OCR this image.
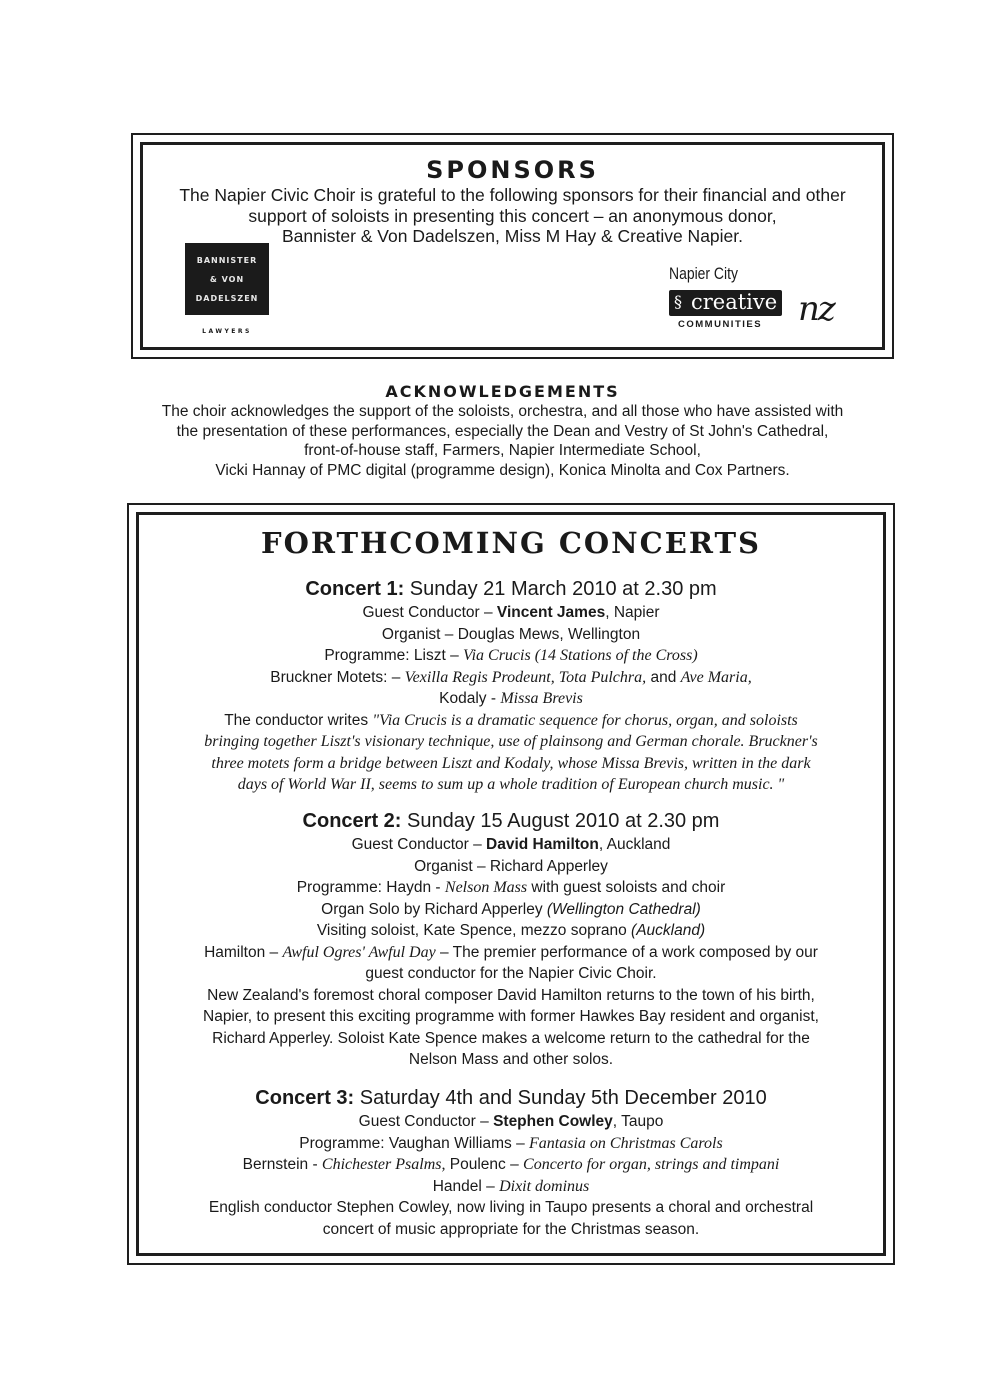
SPONSORS
The Napier Civic Choir is grateful to the following sponsors for their financial and other
support of soloists in presenting this concert – an anonymous donor,
Bannister & Von Dadelszen, Miss M Hay & Creative Napier.
BANNISTER
& VON
DADELSZEN
LAWYERS
Napier City
creative
§	nz
COMMUNITIES
ACKNOWLEDGEMENTS
The choir acknowledges the support of the soloists, orchestra, and all those who have assisted with
the presentation of these performances, especially the Dean and Vestry of St John's Cathedral,
front-of-house staff, Farmers, Napier Intermediate School,
Vicki Hannay of PMC digital (programme design), Konica Minolta and Cox Partners.
FORTHCOMING CONCERTS
Concert 1: Sunday 21 March 2010 at 2.30 pm
Guest Conductor – Vincent James, Napier
Organist – Douglas Mews, Wellington
Programme: Liszt – Via Crucis (14 Stations of the Cross)
Bruckner Motets: – Vexilla Regis Prodeunt, Tota Pulchra, and Ave Maria,
Kodaly - Missa Brevis
The conductor writes "Via Crucis is a dramatic sequence for chorus, organ, and soloists
bringing together Liszt's visionary technique, use of plainsong and German chorale. Bruckner's
three motets form a bridge between Liszt and Kodaly, whose Missa Brevis, written in the dark
days of World War II, seems to sum up a whole tradition of European church music. "
Concert 2: Sunday 15 August 2010 at 2.30 pm
Guest Conductor – David Hamilton, Auckland
Organist – Richard Apperley
Programme: Haydn - Nelson Mass with guest soloists and choir
Organ Solo by Richard Apperley (Wellington Cathedral)
Visiting soloist, Kate Spence, mezzo soprano (Auckland)
Hamilton – Awful Ogres' Awful Day – The premier performance of a work composed by our
guest conductor for the Napier Civic Choir.
New Zealand's foremost choral composer David Hamilton returns to the town of his birth,
Napier, to present this exciting programme with former Hawkes Bay resident and organist,
Richard Apperley. Soloist Kate Spence makes a welcome return to the cathedral for the
Nelson Mass and other solos.
Concert 3: Saturday 4th and Sunday 5th December 2010
Guest Conductor – Stephen Cowley, Taupo
Programme: Vaughan Williams – Fantasia on Christmas Carols
Bernstein - Chichester Psalms, Poulenc – Concerto for organ, strings and timpani
Handel – Dixit dominus
English conductor Stephen Cowley, now living in Taupo presents a choral and orchestral
concert of music appropriate for the Christmas season.
